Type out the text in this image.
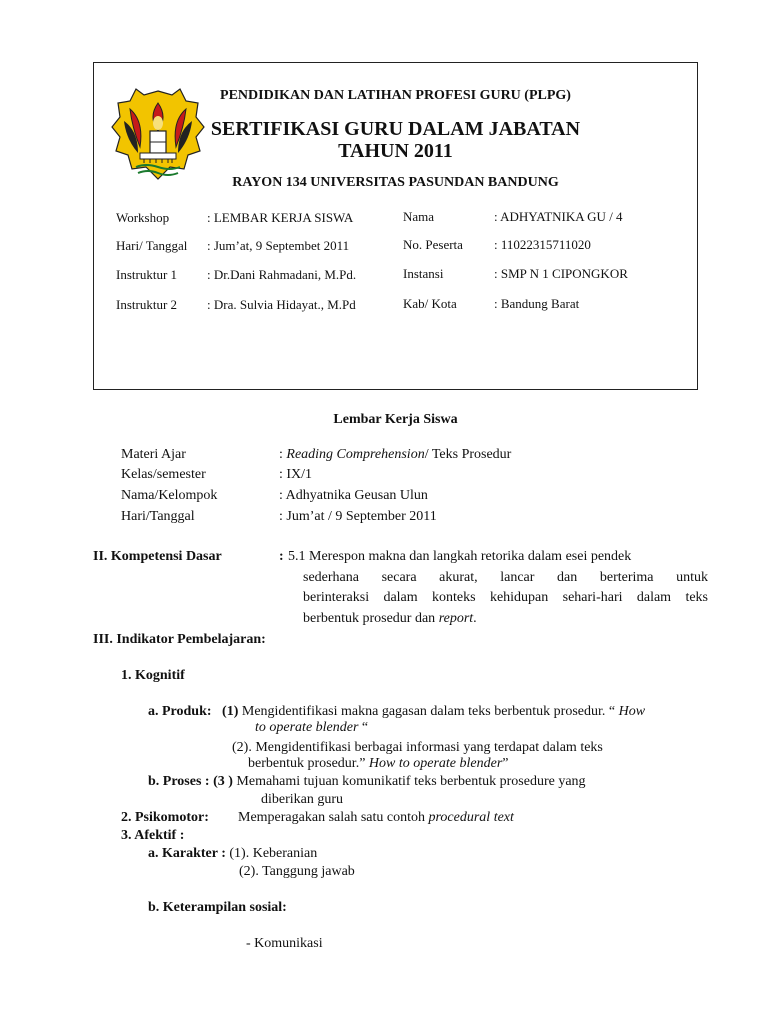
PENDIDIKAN DAN LATIHAN PROFESI GURU (PLPG)
SERTIFIKASI GURU DALAM JABATAN
TAHUN 2011
RAYON 134 UNIVERSITAS PASUNDAN BANDUNG
Workshop	: LEMBAR KERJA SISWA
Hari/ Tanggal : Jum’at, 9 Septembet 2011
Instruktur 1 : Dr.Dani Rahmadani, M.Pd.
Instruktur 2 : Dra. Sulvia Hidayat., M.Pd
Nama	: ADHYATNIKA GU / 4
No. Peserta : 11022315711020
Instansi	: SMP N 1 CIPONGKOR
Kab/ Kota	: Bandung Barat
Lembar Kerja Siswa
Materi Ajar	: Reading Comprehension/ Teks Prosedur
Kelas/semester	: IX/1
Nama/Kelompok	: Adhyatnika Geusan Ulun
Hari/Tanggal	: Jum’at / 9 September 2011
II. Kompetensi Dasar	: 5.1 Merespon makna dan langkah retorika dalam esei pendek
sederhana secara akurat, lancar dan berterima untuk
berinteraksi dalam konteks kehidupan sehari-hari dalam teks
berbentuk prosedur dan report.
III. Indikator Pembelajaran:
1. Kognitif
a. Produk: (1) Mengidentifikasi makna gagasan dalam teks berbentuk prosedur. “ How
to operate blender “
(2). Mengidentifikasi berbagai informasi yang terdapat dalam teks
berbentuk prosedur.” How to operate blender”
b. Proses : (3 ) Memahami tujuan komunikatif teks berbentuk prosedure yang
diberikan guru
2. Psikomotor: Memperagakan salah satu contoh procedural text
3. Afektif :
a. Karakter : (1). Keberanian
(2). Tanggung jawab
b. Keterampilan sosial:
- Komunikasi
